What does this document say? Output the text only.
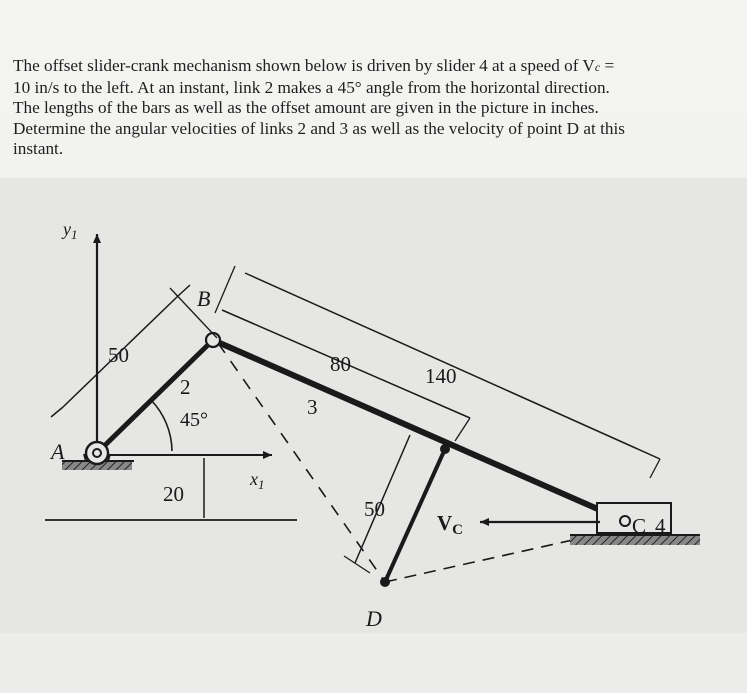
The offset slider-crank mechanism shown below is driven by slider 4 at a speed of Vc =
10 in/s to the left. At an instant, link 2 makes a 45° angle from the horizontal direction.
The lengths of the bars as well as the offset amount are given in the picture in inches.
Determine the angular velocities of links 2 and 3 as well as the velocity of point D at this
instant.
$y_1$
$x_1$
A
B
C 4
D
2
3
45°
50	80	140
50
20
VC
